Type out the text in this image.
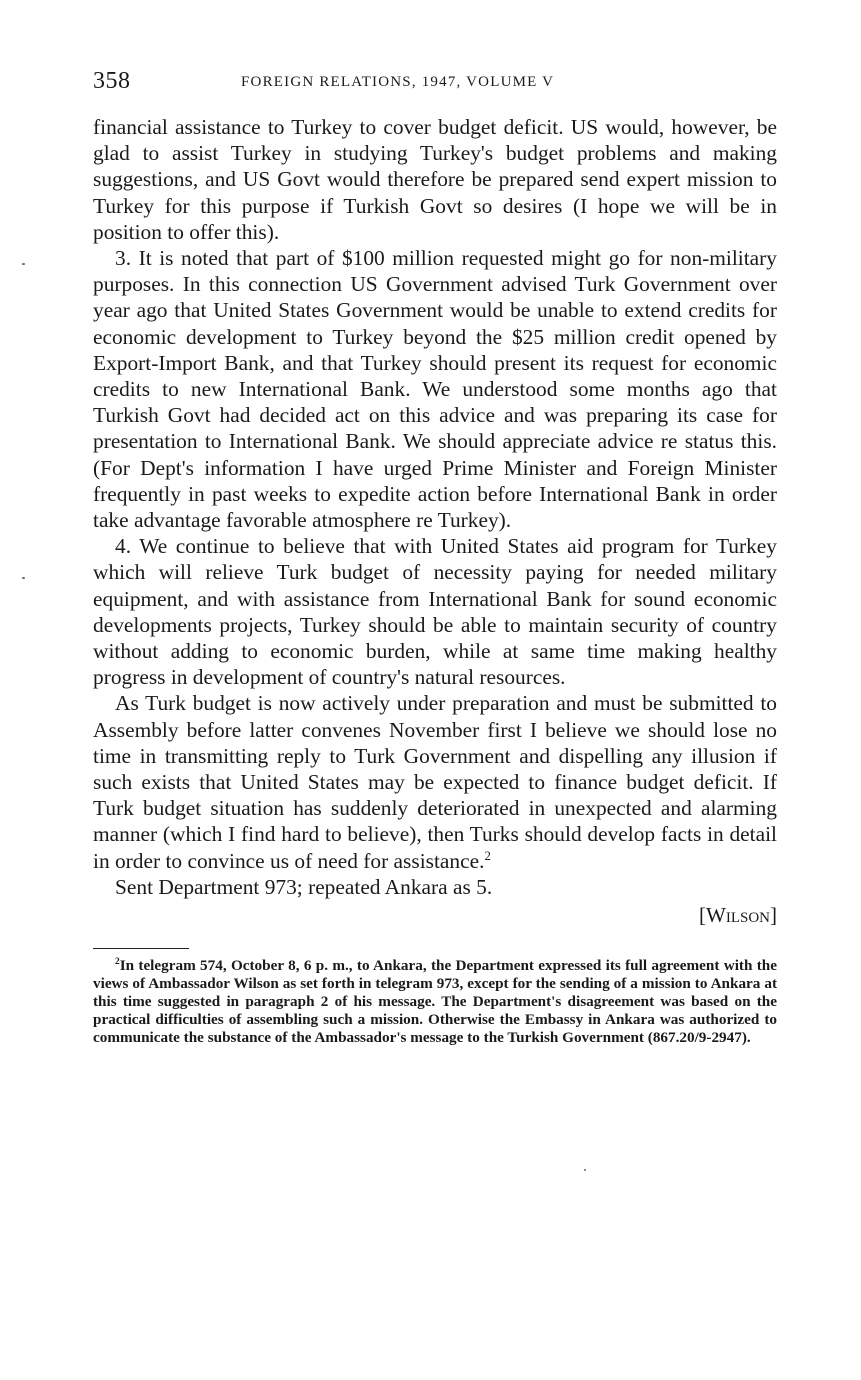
358	FOREIGN RELATIONS, 1947, VOLUME V

financial assistance to Turkey to cover budget deficit. US would, however, be glad to assist Turkey in studying Turkey's budget problems and making suggestions, and US Govt would therefore be prepared send expert mission to Turkey for this purpose if Turkish Govt so desires (I hope we will be in position to offer this).

3. It is noted that part of $100 million requested might go for non-military purposes. In this connection US Government advised Turk Government over year ago that United States Government would be unable to extend credits for economic development to Turkey beyond the $25 million credit opened by Export-Import Bank, and that Turkey should present its request for economic credits to new International Bank. We understood some months ago that Turkish Govt had decided act on this advice and was preparing its case for presentation to International Bank. We should appreciate advice re status this. (For Dept's information I have urged Prime Minister and Foreign Minister frequently in past weeks to expedite action before International Bank in order take advantage favorable atmosphere re Turkey).

4. We continue to believe that with United States aid program for Turkey which will relieve Turk budget of necessity paying for needed military equipment, and with assistance from International Bank for sound economic developments projects, Turkey should be able to maintain security of country without adding to economic burden, while at same time making healthy progress in development of country's natural resources.

As Turk budget is now actively under preparation and must be submitted to Assembly before latter convenes November first I believe we should lose no time in transmitting reply to Turk Government and dispelling any illusion if such exists that United States may be expected to finance budget deficit. If Turk budget situation has suddenly deteriorated in unexpected and alarming manner (which I find hard to believe), then Turks should develop facts in detail in order to convince us of need for assistance.$^2$

Sent Department 973; repeated Ankara as 5.

[Wilson]

$^2$In telegram 574, October 8, 6 p. m., to Ankara, the Department expressed its full agreement with the views of Ambassador Wilson as set forth in telegram 973, except for the sending of a mission to Ankara at this time suggested in paragraph 2 of his message. The Department's disagreement was based on the practical difficulties of assembling such a mission. Otherwise the Embassy in Ankara was authorized to communicate the substance of the Ambassador's message to the Turkish Government (867.20/9-2947).
